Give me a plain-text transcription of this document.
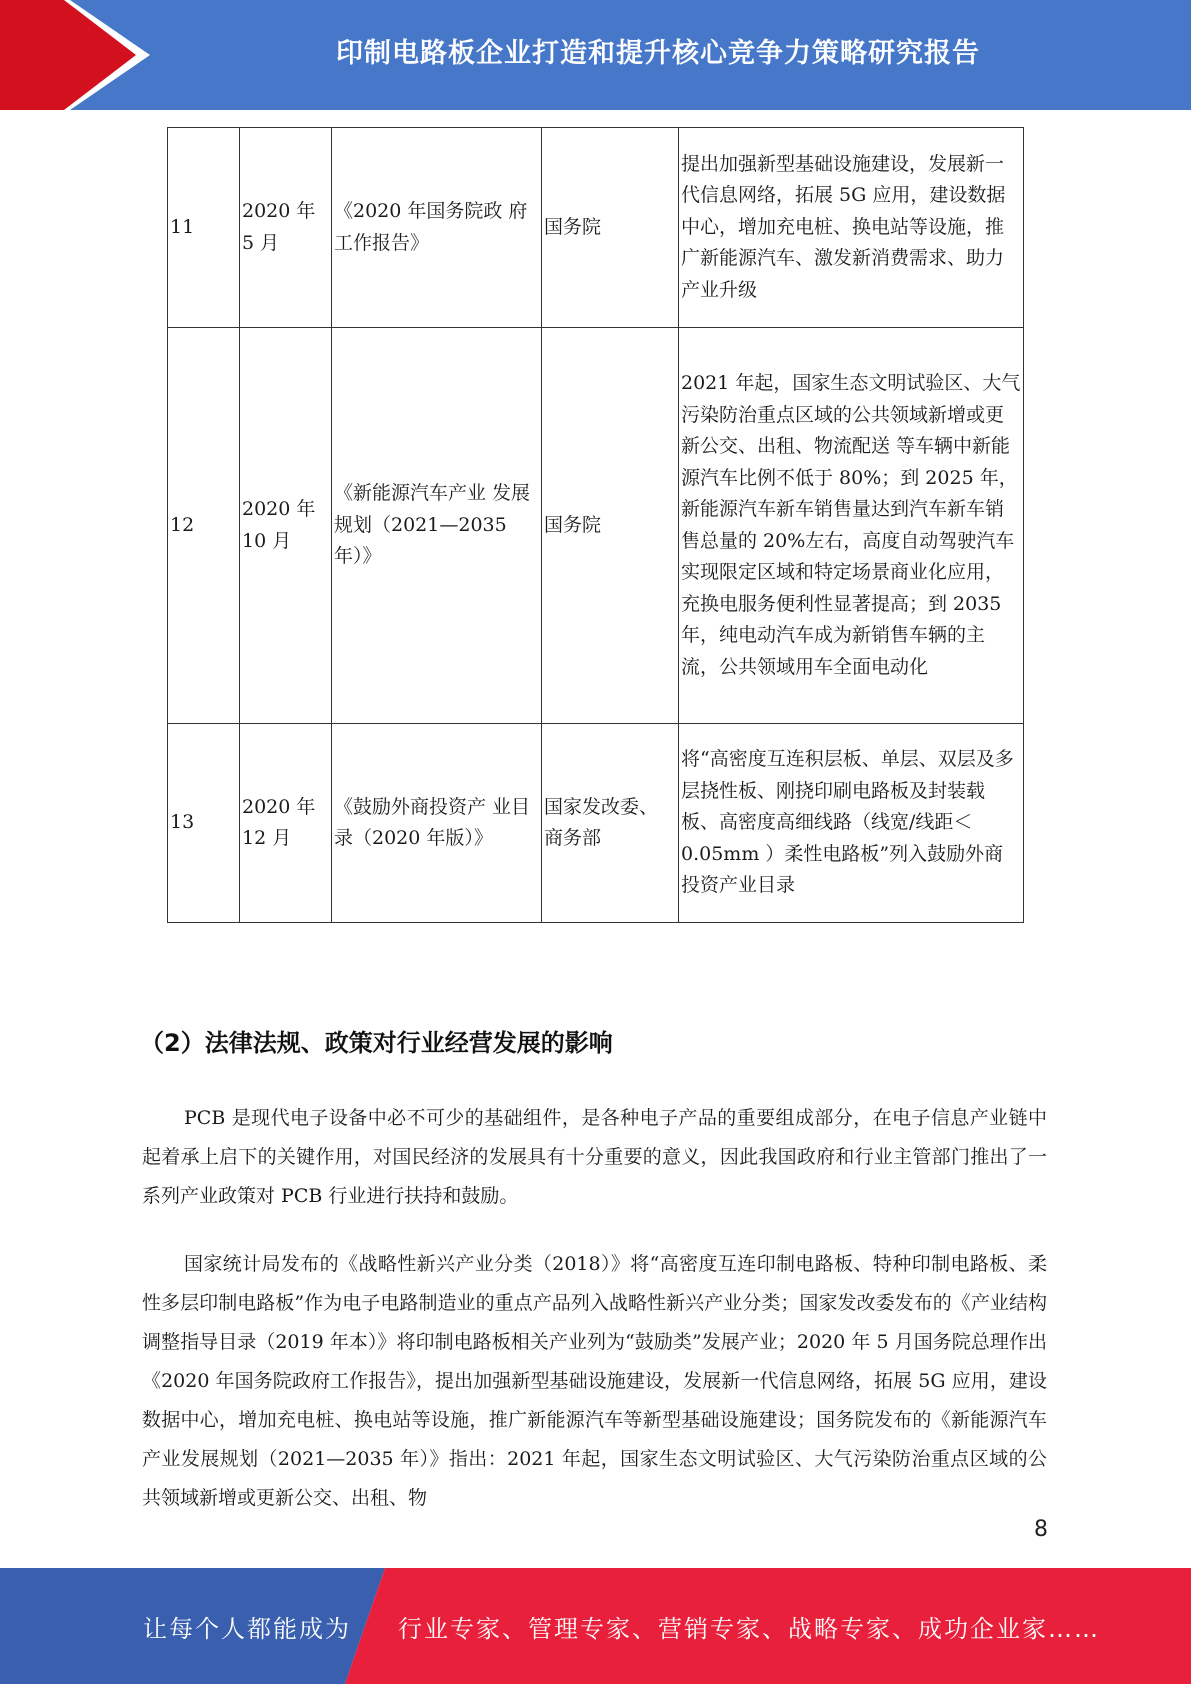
印制电路板企业打造和提升核心竞争力策略研究报告
11	2020 年 5 月	《2020 年国务院政 府工作报告》	国务院	提出加强新型基础设施建设，发展新一代信息网络，拓展 5G 应用，建设数据中心，增加充电桩、换电站等设施，推广新能源汽车、激发新消费需求、助力产业升级
12	2020 年 10 月	《新能源汽车产业 发展规划（2021—2035 年）》	国务院	2021 年起，国家生态文明试验区、大气污染防治重点区域的公共领域新增或更新公交、出租、物流配送 等车辆中新能源汽车比例不低于 80%；到 2025 年，新能源汽车新车销售量达到汽车新车销售总量的 20%左右，高度自动驾驶汽车实现限定区域和特定场景商业化应用，充换电服务便利性显著提高；到 2035 年，纯电动汽车成为新销售车辆的主流，公共领域用车全面电动化
13	2020 年 12 月	《鼓励外商投资产 业目录（2020 年版）》	国家发改委、商务部	将“高密度互连积层板、单层、双层及多层挠性板、刚挠印刷电路板及封装载板、高密度高细线路（线宽/线距＜0.05mm ）柔性电路板”列入鼓励外商投资产业目录
（2）法律法规、政策对行业经营发展的影响

PCB 是现代电子设备中必不可少的基础组件，是各种电子产品的重要组成部分，在电子信息产业链中起着承上启下的关键作用，对国民经济的发展具有十分重要的意义，因此我国政府和行业主管部门推出了一系列产业政策对 PCB 行业进行扶持和鼓励。

国家统计局发布的《战略性新兴产业分类（2018）》将“高密度互连印制电路板、特种印制电路板、柔性多层印制电路板”作为电子电路制造业的重点产品列入战略性新兴产业分类；国家发改委发布的《产业结构调整指导目录（2019 年本）》将印制电路板相关产业列为“鼓励类”发展产业；2020 年 5 月国务院总理作出《2020 年国务院政府工作报告》，提出加强新型基础设施建设，发展新一代信息网络，拓展 5G 应用，建设数据中心，增加充电桩、换电站等设施，推广新能源汽车等新型基础设施建设；国务院发布的《新能源汽车产业发展规划（2021—2035 年）》指出：2021 年起，国家生态文明试验区、大气污染防治重点区域的公共领域新增或更新公交、出租、物

8
让每个人都能成为 行业专家、管理专家、营销专家、战略专家、成功企业家……
